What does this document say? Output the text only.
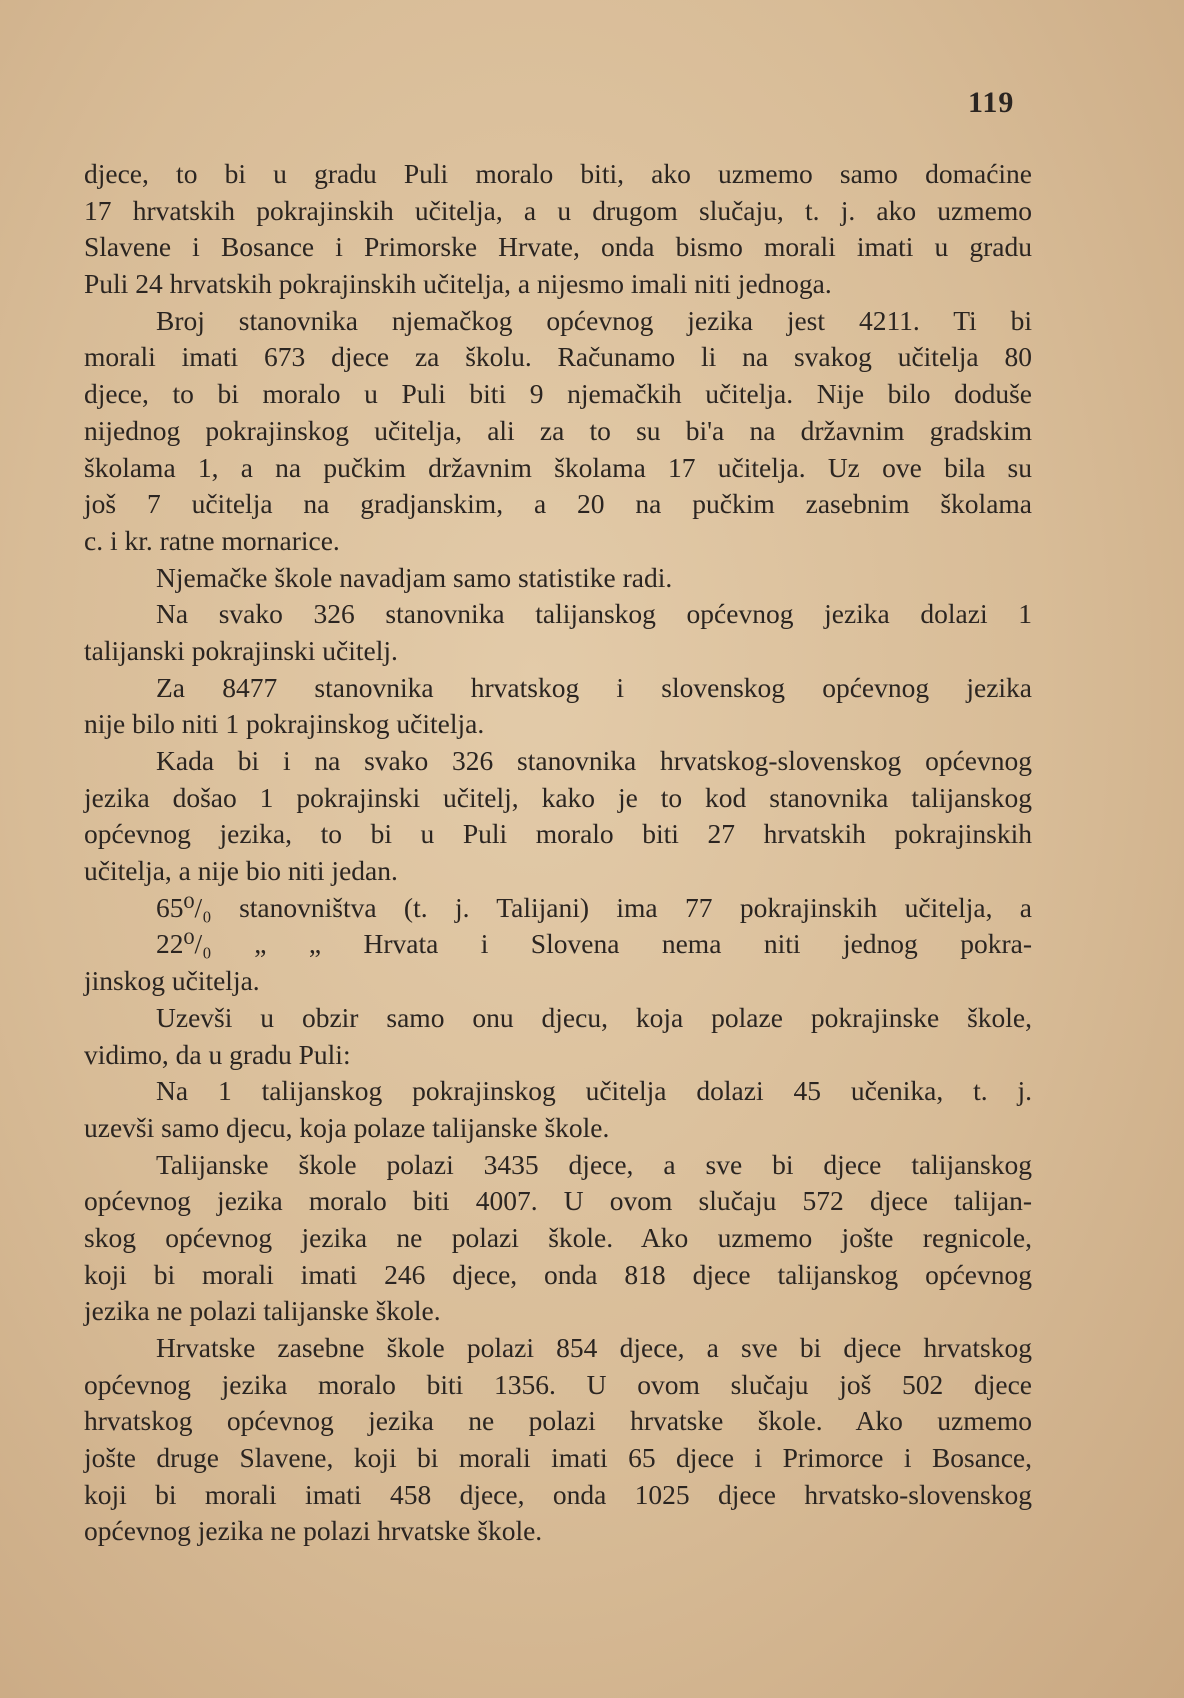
119
djece, to bi u gradu Puli moralo biti, ako uzmemo samo domaćine
17 hrvatskih pokrajinskih učitelja, a u drugom slučaju, t. j. ako uzmemo
Slavene i Bosance i Primorske Hrvate, onda bismo morali imati u gradu
Puli 24 hrvatskih pokrajinskih učitelja, a nijesmo imali niti jednoga.
Broj stanovnika njemačkog općevnog jezika jest 4211. Ti bi
morali imati 673 djece za školu. Računamo li na svakog učitelja 80
djece, to bi moralo u Puli biti 9 njemačkih učitelja. Nije bilo doduše
nijednog pokrajinskog učitelja, ali za to su bi'a na državnim gradskim
školama 1, a na pučkim državnim školama 17 učitelja. Uz ove bila su
još 7 učitelja na gradjanskim, a 20 na pučkim zasebnim školama
c. i kr. ratne mornarice.
Njemačke škole navadjam samo statistike radi.
Na svako 326 stanovnika talijanskog općevnog jezika dolazi 1
talijanski pokrajinski učitelj.
Za 8477 stanovnika hrvatskog i slovenskog općevnog jezika
nije bilo niti 1 pokrajinskog učitelja.
Kada bi i na svako 326 stanovnika hrvatskog-slovenskog općevnog
jezika došao 1 pokrajinski učitelj, kako je to kod stanovnika talijanskog
općevnog jezika, to bi u Puli moralo biti 27 hrvatskih pokrajinskih
učitelja, a nije bio niti jedan.
65⁰/₀ stanovništva (t. j. Talijani) ima 77 pokrajinskih učitelja, a
22⁰/₀ „ „ Hrvata i Slovena nema niti jednog pokra-
jinskog učitelja.
Uzevši u obzir samo onu djecu, koja polaze pokrajinske škole,
vidimo, da u gradu Puli:
Na 1 talijanskog pokrajinskog učitelja dolazi 45 učenika, t. j.
uzevši samo djecu, koja polaze talijanske škole.
Talijanske škole polazi 3435 djece, a sve bi djece talijanskog
općevnog jezika moralo biti 4007. U ovom slučaju 572 djece talijan-
skog općevnog jezika ne polazi škole. Ako uzmemo jošte regnicole,
koji bi morali imati 246 djece, onda 818 djece talijanskog općevnog
jezika ne polazi talijanske škole.
Hrvatske zasebne škole polazi 854 djece, a sve bi djece hrvatskog
općevnog jezika moralo biti 1356. U ovom slučaju još 502 djece
hrvatskog općevnog jezika ne polazi hrvatske škole. Ako uzmemo
jošte druge Slavene, koji bi morali imati 65 djece i Primorce i Bosance,
koji bi morali imati 458 djece, onda 1025 djece hrvatsko-slovenskog
općevnog jezika ne polazi hrvatske škole.
